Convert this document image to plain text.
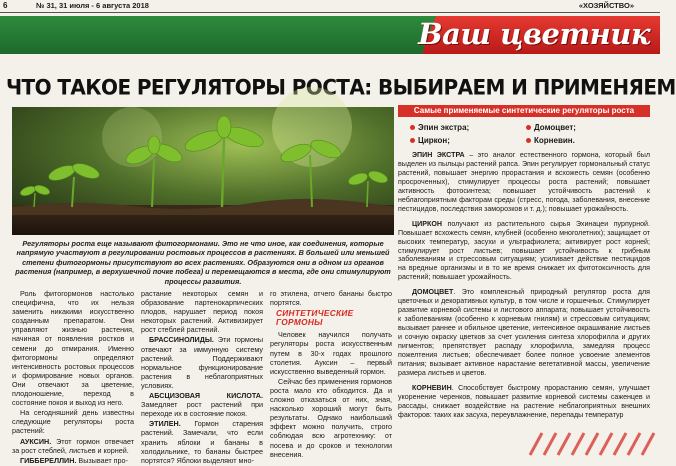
6	№ 31, 31 июля - 6 августа 2018	«ХОЗЯЙСТВО»
Ваш цветник
ЧТО ТАКОЕ РЕГУЛЯТОРЫ РОСТА: ВЫБИРАЕМ И ПРИМЕНЯЕМ
Регуляторы роста еще называют фитогормонами. Это не что иное, как соединения, которые напрямую участвуют в регулировании ростовых процессов в растениях. В большей или меньшей степени фитогормоны присутствуют во всех растениях. Образуются они в одном из органов растения (например, в верхушечной почке побега) и перемещаются в места, где они стимулируют процессы развития.

Роль фитогормонов настолько специфична, что их нельзя заменить никакими искусственно созданным препаратом. Они управляют жизнью растения, начиная от появления ростков и семени до отмирания. Именно фитогормоны определяют интенсивность ростовых процессов и формирование новых органов. Они отвечают за цветение, плодоношение, переход в состояние покоя и выход из него.

На сегодняшний день известны следующие регуляторы роста растений:

АУКСИН. Этот гормон отвечает за рост стеблей, листьев и корней.

ГИББЕРЕЛЛИН. Вызывает про-

растание некоторых семян и образование партенокарпических плодов, нарушает период покоя некоторых растений. Активизирует рост стеблей растений.

БРАССИНОЛИДЫ. Эти гормоны отвечают за иммунную систему растений. Поддерживают нормальное функционирование растения в неблагоприятных условиях.

АБСЦИЗОВАЯ КИСЛОТА. Замедляет рост растений при переходе их в состояние покоя.

ЭТИЛЕН. Гормон старения растений. Замечали, что если хранить яблоки и бананы в холодильнике, то бананы быстрее портятся? Яблоки выделяют мно-

го этилена, отчего бананы быстро портятся.

СИНТЕТИЧЕСКИЕ ГОРМОНЫ

Человек научился получать регуляторы роста искусственным путем в 30-х годах прошлого столетия. Ауксин – первый искусственно выведенный гормон.

Сейчас без применения гормонов роста мало кто обходится. Да и сложно отказаться от них, зная, насколько хороший могут быть результаты. Однако наибольший эффект можно получить, строго соблюдая всю агротехнику: от посева и до сроков и технологии внесения.

Самые применяемые синтетические регуляторы роста
Эпин экстра;	Домоцвет;
Циркон;	Корневин.
ЭПИН ЭКСТРА – это аналог естественного гормона, который был выделен из пыльцы растений рапса. Эпин регулирует гормональный статус растений, повышает энергию прорастания и всхожесть семян (особенно просроченных), стимулирует процессы роста растений; повышает активность фотосинтеза; повышает устойчивость растений к неблагоприятным факторам среды (стресс, погода, заболевания, внесение пестицидов, последствия заморозков и т. д.); повышает урожайность.
ЦИРКОН получают из растительного сырья Эхинацеи пурпурной. Повышает всхожесть семян, клубней (особенно многолетних); защищает от высоких температур, засухи и ультрафиолета; активирует рост корней; стимулирует рост листьев; повышает устойчивость к грибным заболеваниям и стрессовым ситуациям; усиливает действие пестицидов на вредные организмы и в то же время снижает их фитотоксичность для растений; повышает урожайность.
ДОМОЦВЕТ. Это комплексный природный регулятор роста для цветочных и декоративных культур, в том числе и горшечных. Стимулирует развитие корневой системы и листового аппарата; повышает устойчивость к заболеваниям (особенно к корневым гнилям) и стрессовым ситуациям; вызывает раннее и обильное цветение, интенсивное окрашивание листьев и сочную окраску цветков за счет усиления синтеза хлорофилла и других пигментов; препятствует распаду хлорофилла, замедляя процесс пожелтения листьев; обеспечивает более полное усвоение элементов питания; вызывает активное нарастание вегетативной массы, увеличение размера листьев и цветов.
КОРНЕВИН. Способствует быстрому прорастанию семян, улучшает укоренение черенков, повышает развитие корневой системы саженцев и рассады, снижает воздействие на растение неблагоприятных внешних факторов: таких как засуха, переувлажнение, перепады температур
